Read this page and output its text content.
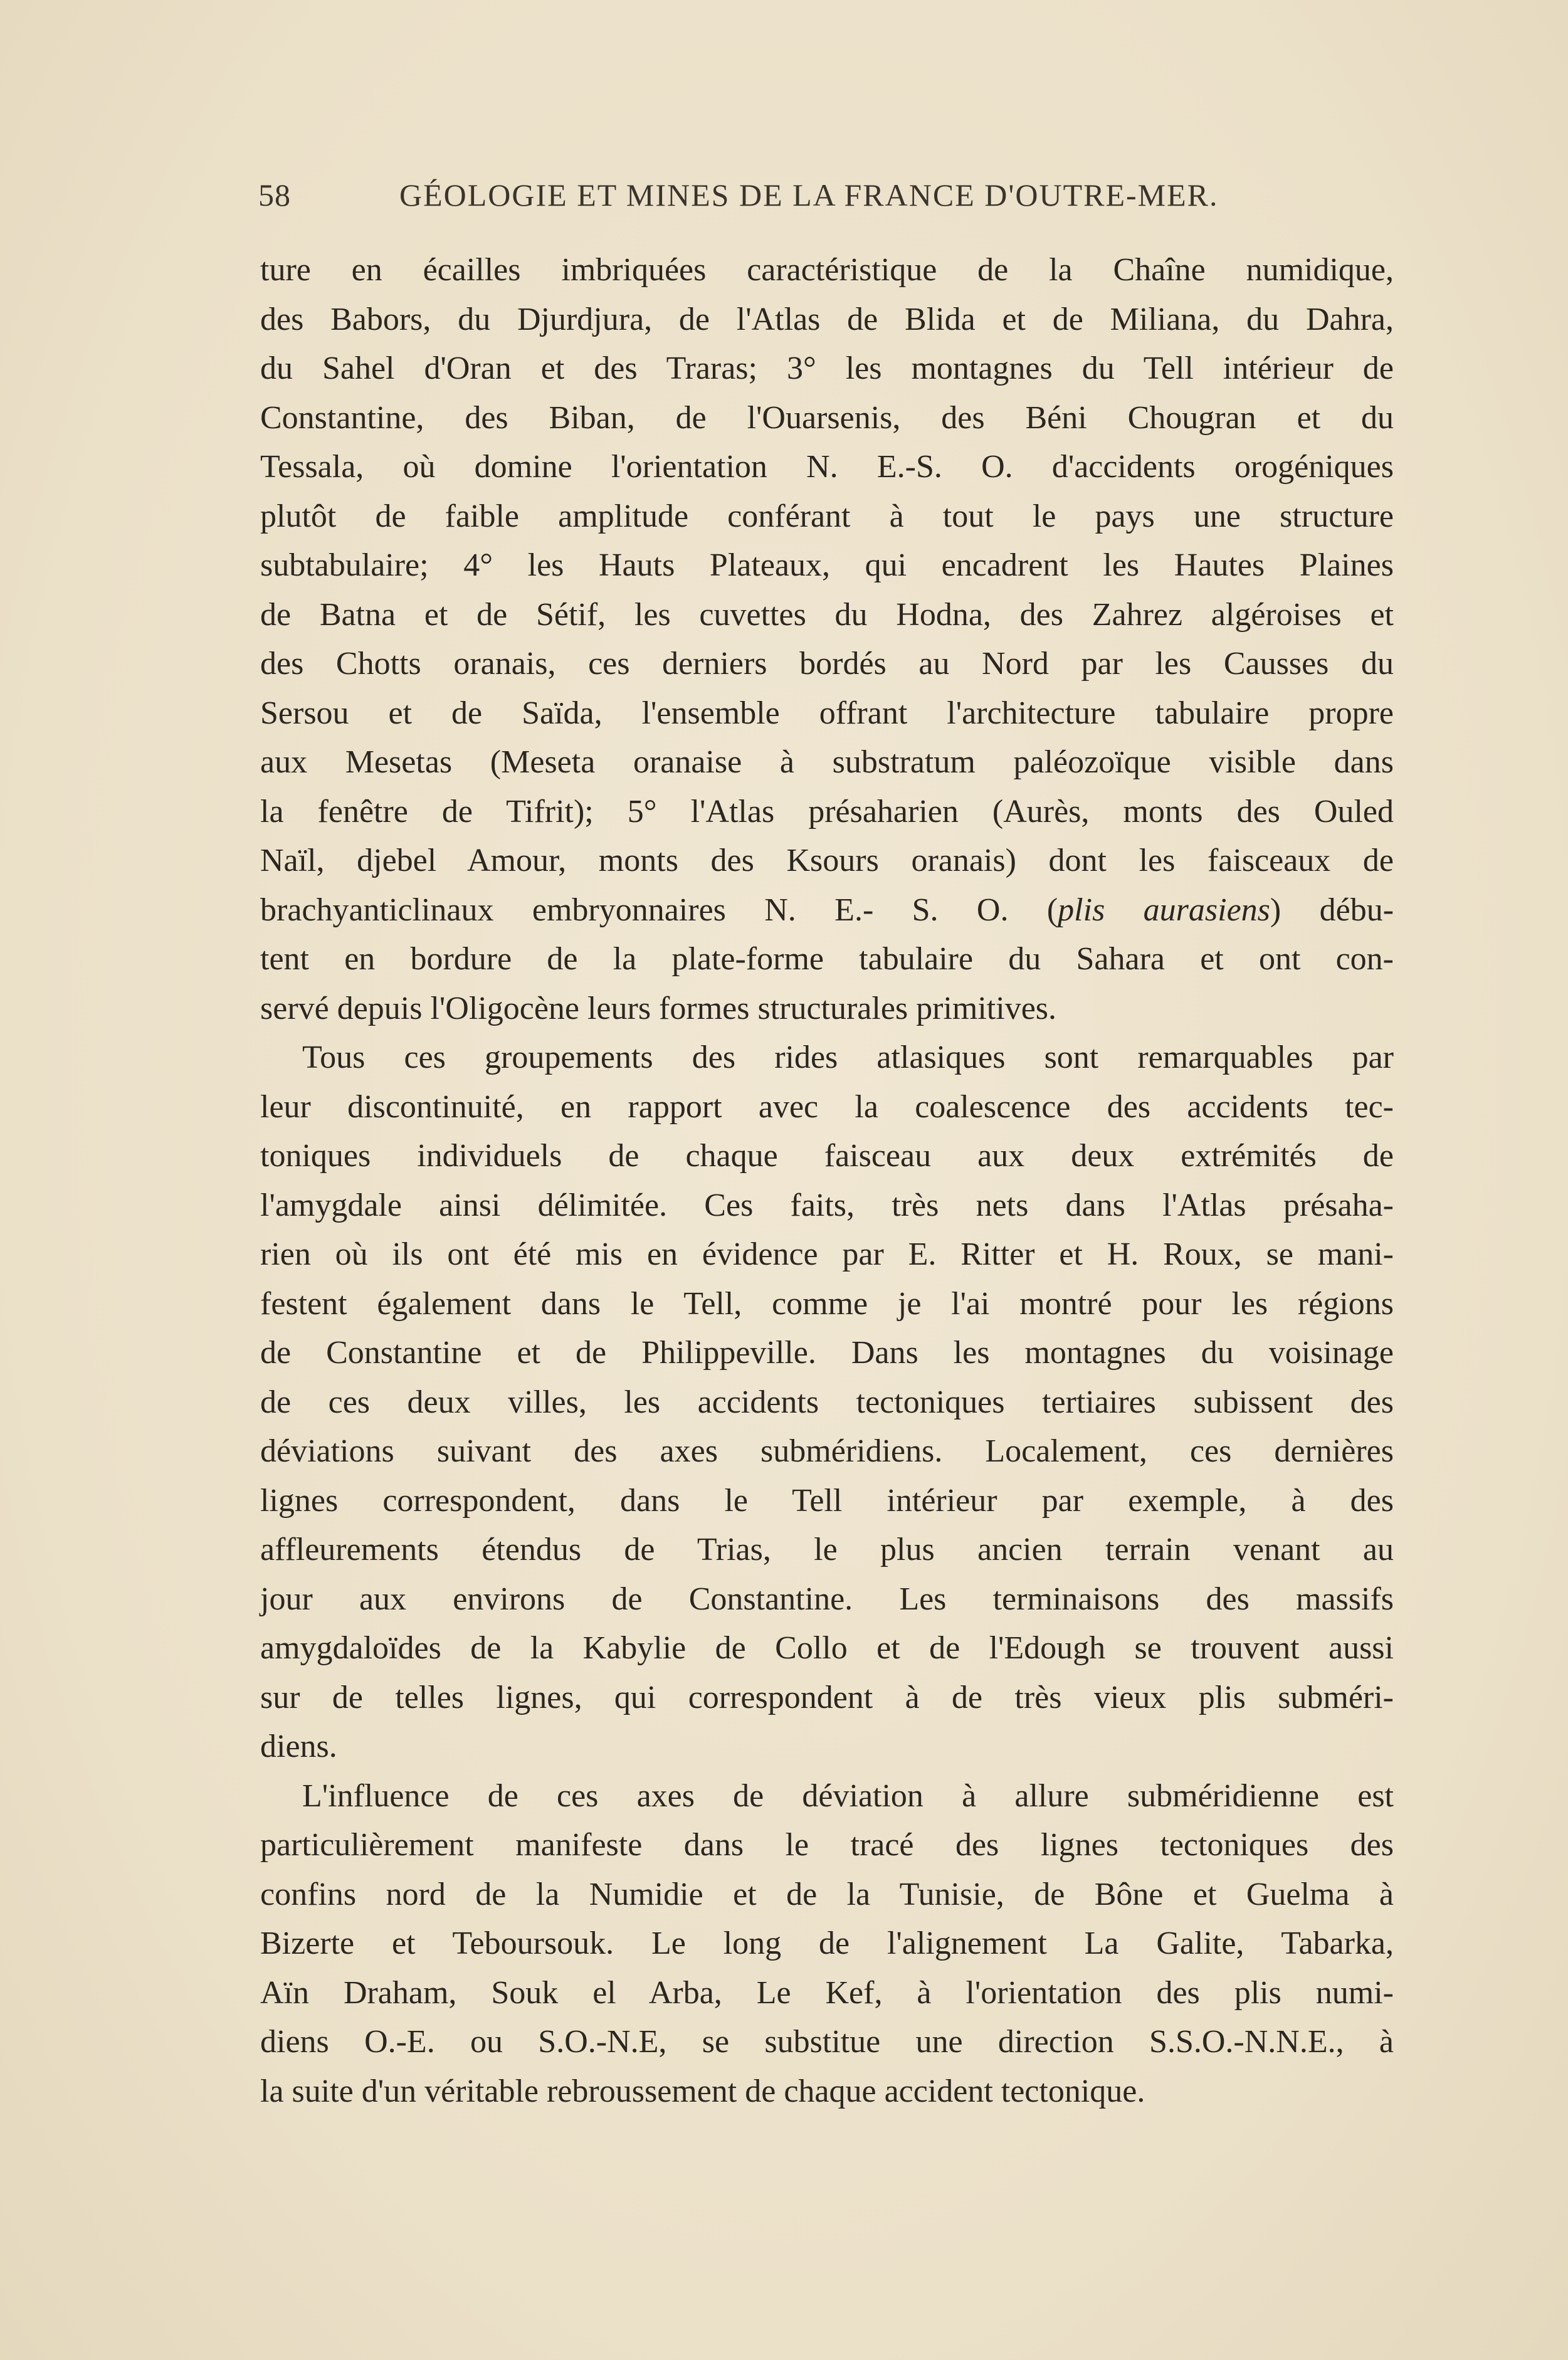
58	GÉOLOGIE ET MINES DE LA FRANCE D'OUTRE-MER.
ture en écailles imbriquées caractéristique de la Chaîne numidique,
des Babors, du Djurdjura, de l'Atlas de Blida et de Miliana, du Dahra,
du Sahel d'Oran et des Traras; 3° les montagnes du Tell intérieur de
Constantine, des Biban, de l'Ouarsenis, des Béni Chougran et du
Tessala, où domine l'orientation N. E.-S. O. d'accidents orogéniques
plutôt de faible amplitude conférant à tout le pays une structure
subtabulaire; 4° les Hauts Plateaux, qui encadrent les Hautes Plaines
de Batna et de Sétif, les cuvettes du Hodna, des Zahrez algéroises et
des Chotts oranais, ces derniers bordés au Nord par les Causses du
Sersou et de Saïda, l'ensemble offrant l'architecture tabulaire propre
aux Mesetas (Meseta oranaise à substratum paléozoïque visible dans
la fenêtre de Tifrit); 5° l'Atlas présaharien (Aurès, monts des Ouled
Naïl, djebel Amour, monts des Ksours oranais) dont les faisceaux de
brachyanticlinaux embryonnaires N. E.- S. O. (plis aurasiens) débu-
tent en bordure de la plate-forme tabulaire du Sahara et ont con-
servé depuis l'Oligocène leurs formes structurales primitives.
Tous ces groupements des rides atlasiques sont remarquables par
leur discontinuité, en rapport avec la coalescence des accidents tec-
toniques individuels de chaque faisceau aux deux extrémités de
l'amygdale ainsi délimitée. Ces faits, très nets dans l'Atlas présaha-
rien où ils ont été mis en évidence par E. Ritter et H. Roux, se mani-
festent également dans le Tell, comme je l'ai montré pour les régions
de Constantine et de Philippeville. Dans les montagnes du voisinage
de ces deux villes, les accidents tectoniques tertiaires subissent des
déviations suivant des axes subméridiens. Localement, ces dernières
lignes correspondent, dans le Tell intérieur par exemple, à des
affleurements étendus de Trias, le plus ancien terrain venant au
jour aux environs de Constantine. Les terminaisons des massifs
amygdaloïdes de la Kabylie de Collo et de l'Edough se trouvent aussi
sur de telles lignes, qui correspondent à de très vieux plis subméri-
diens.
L'influence de ces axes de déviation à allure subméridienne est
particulièrement manifeste dans le tracé des lignes tectoniques des
confins nord de la Numidie et de la Tunisie, de Bône et Guelma à
Bizerte et Teboursouk. Le long de l'alignement La Galite, Tabarka,
Aïn Draham, Souk el Arba, Le Kef, à l'orientation des plis numi-
diens O.-E. ou S.O.-N.E, se substitue une direction S.S.O.-N.N.E., à
la suite d'un véritable rebroussement de chaque accident tectonique.
